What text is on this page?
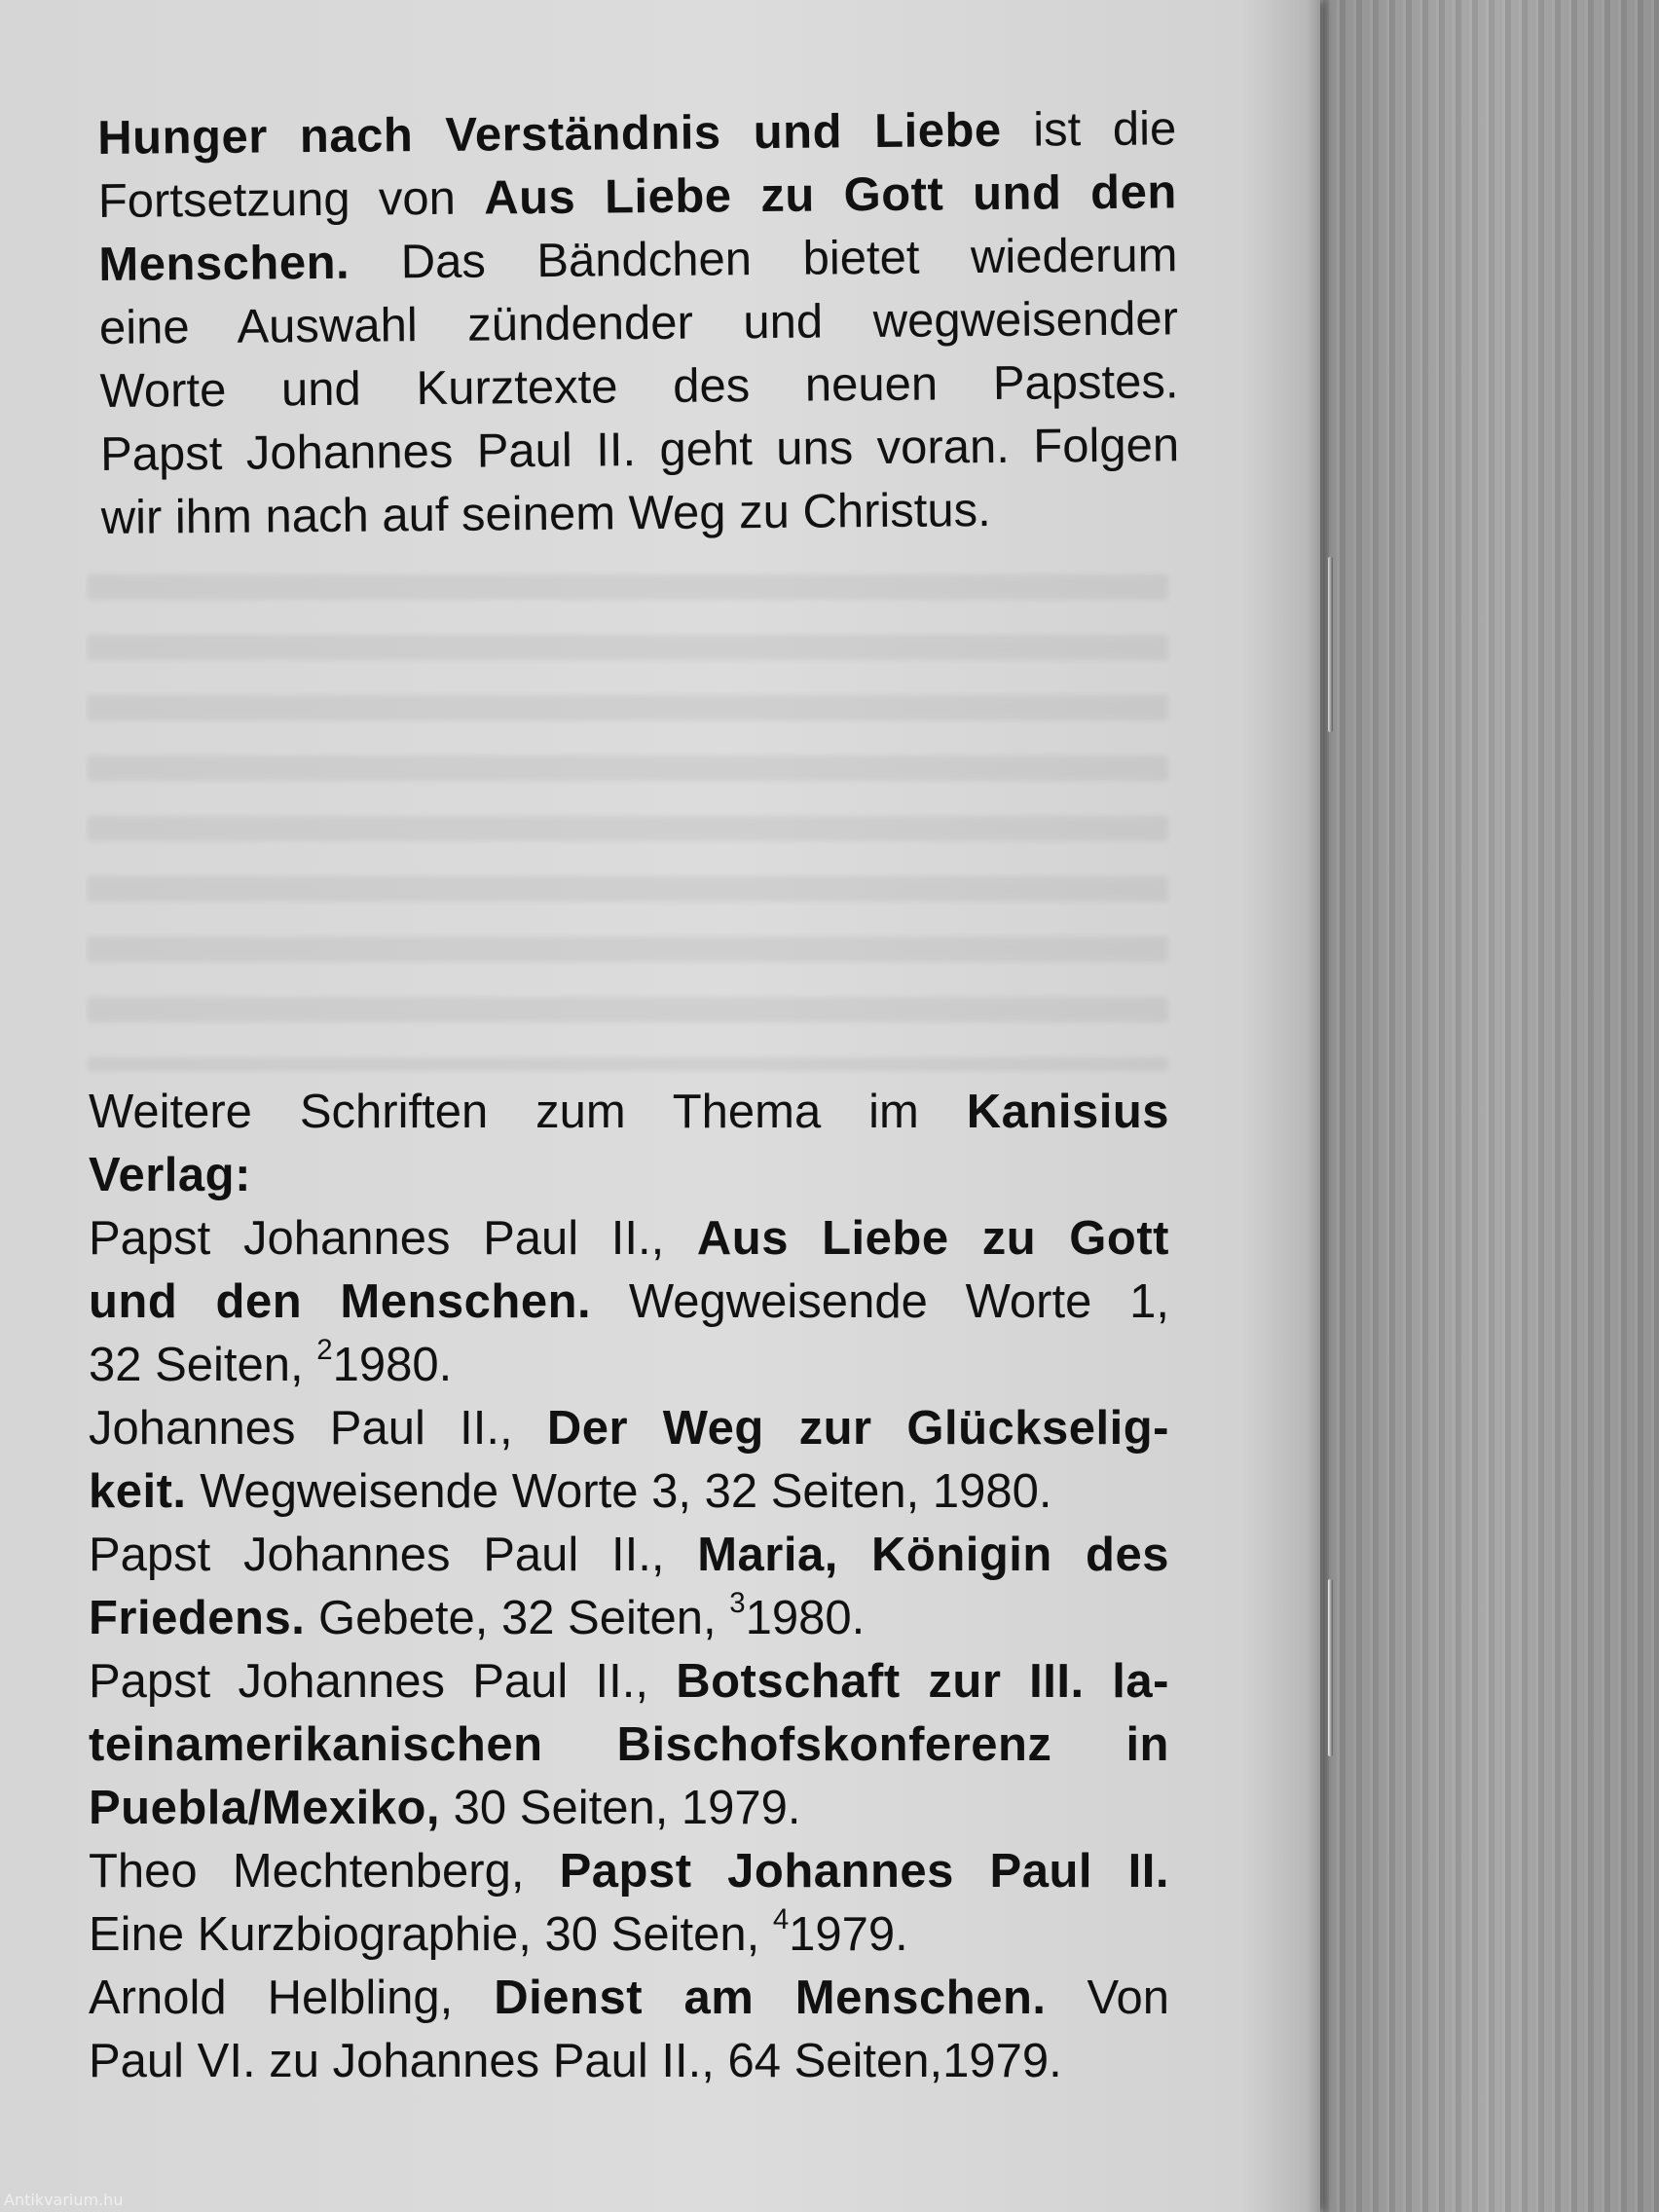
Hunger nach Verständnis und Liebe ist die
Fortsetzung von Aus Liebe zu Gott und den
Menschen. Das Bändchen bietet wiederum
eine Auswahl zündender und wegweisender
Worte und Kurztexte des neuen Papstes.
Papst Johannes Paul II. geht uns voran. Folgen
wir ihm nach auf seinem Weg zu Christus.
Weitere Schriften zum Thema im Kanisius
Verlag:
Papst Johannes Paul II., Aus Liebe zu Gott
und den Menschen. Wegweisende Worte 1,
32 Seiten, $^2$1980.
Johannes Paul II., Der Weg zur Glückselig-
keit. Wegweisende Worte 3, 32 Seiten, 1980.
Papst Johannes Paul II., Maria, Königin des
Friedens. Gebete, 32 Seiten, $^3$1980.
Papst Johannes Paul II., Botschaft zur III. la-
teinamerikanischen Bischofskonferenz in
Puebla/Mexiko, 30 Seiten, 1979.
Theo Mechtenberg, Papst Johannes Paul II.
Eine Kurzbiographie, 30 Seiten, $^4$1979.
Arnold Helbling, Dienst am Menschen. Von
Paul VI. zu Johannes Paul II., 64 Seiten,1979.
Antikvarium.hu
